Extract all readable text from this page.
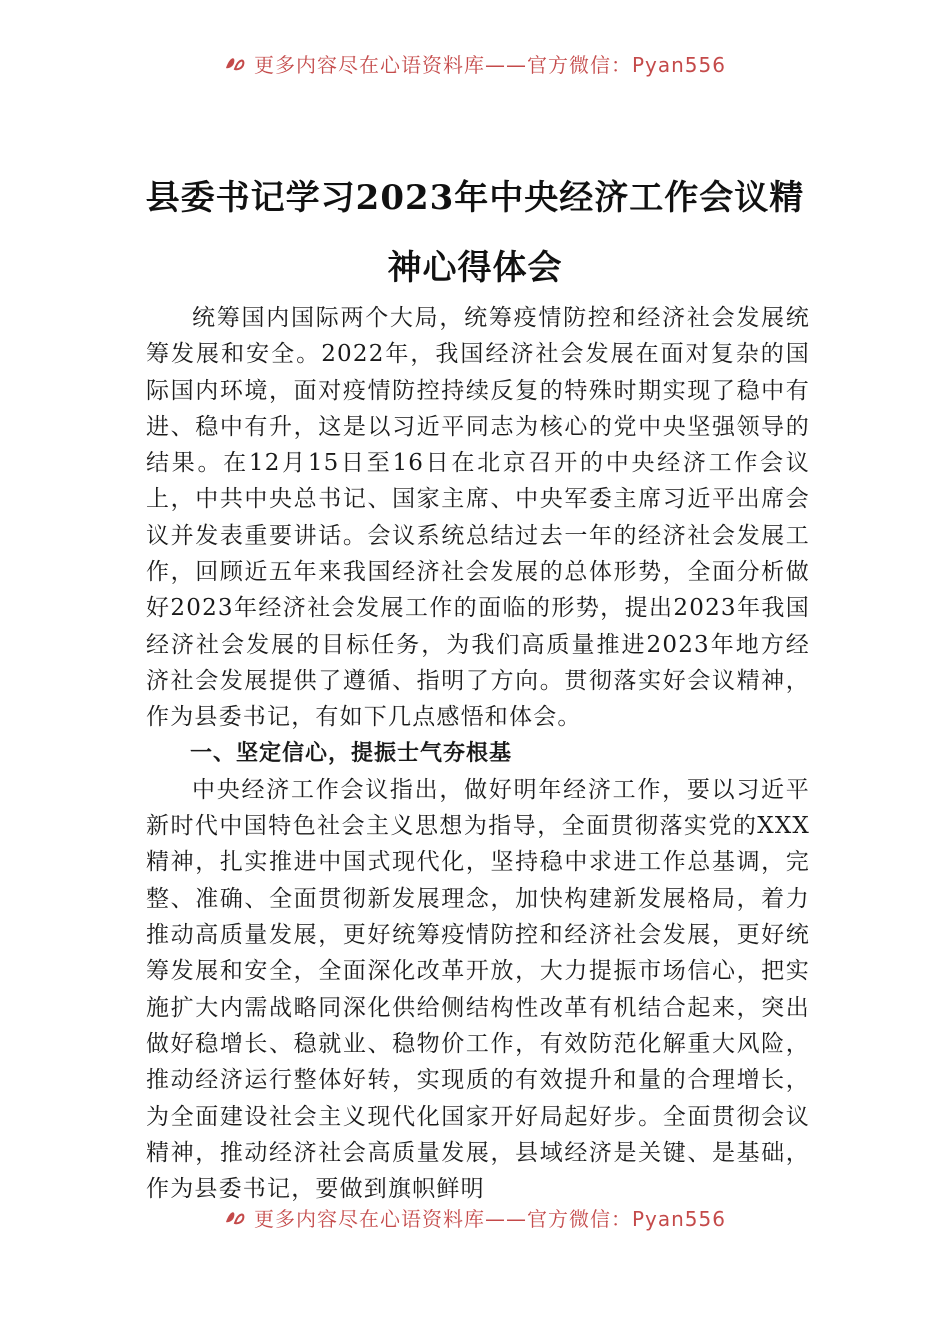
更多内容尽在心语资料库——官方微信：Pyan556
县委书记学习2023年中央经济工作会议精
神心得体会

统筹国内国际两个大局，统筹疫情防控和经济社会发展统筹发展和安全。2022年，我国经济社会发展在面对复杂的国际国内环境，面对疫情防控持续反复的特殊时期实现了稳中有进、稳中有升，这是以习近平同志为核心的党中央坚强领导的结果。在12月15日至16日在北京召开的中央经济工作会议上，中共中央总书记、国家主席、中央军委主席习近平出席会议并发表重要讲话。会议系统总结过去一年的经济社会发展工作，回顾近五年来我国经济社会发展的总体形势，全面分析做好2023年经济社会发展工作的面临的形势，提出2023年我国经济社会发展的目标任务，为我们高质量推进2023年地方经济社会发展提供了遵循、指明了方向。贯彻落实好会议精神，作为县委书记，有如下几点感悟和体会。

一、坚定信心，提振士气夯根基

中央经济工作会议指出，做好明年经济工作，要以习近平新时代中国特色社会主义思想为指导，全面贯彻落实党的XXX精神，扎实推进中国式现代化，坚持稳中求进工作总基调，完整、准确、全面贯彻新发展理念，加快构建新发展格局，着力推动高质量发展，更好统筹疫情防控和经济社会发展，更好统筹发展和安全，全面深化改革开放，大力提振市场信心，把实施扩大内需战略同深化供给侧结构性改革有机结合起来，突出做好稳增长、稳就业、稳物价工作，有效防范化解重大风险，推动经济运行整体好转，实现质的有效提升和量的合理增长，为全面建设社会主义现代化国家开好局起好步。全面贯彻会议精神，推动经济社会高质量发展，县域经济是关键、是基础，作为县委书记，要做到旗帜鲜明

更多内容尽在心语资料库——官方微信：Pyan556
